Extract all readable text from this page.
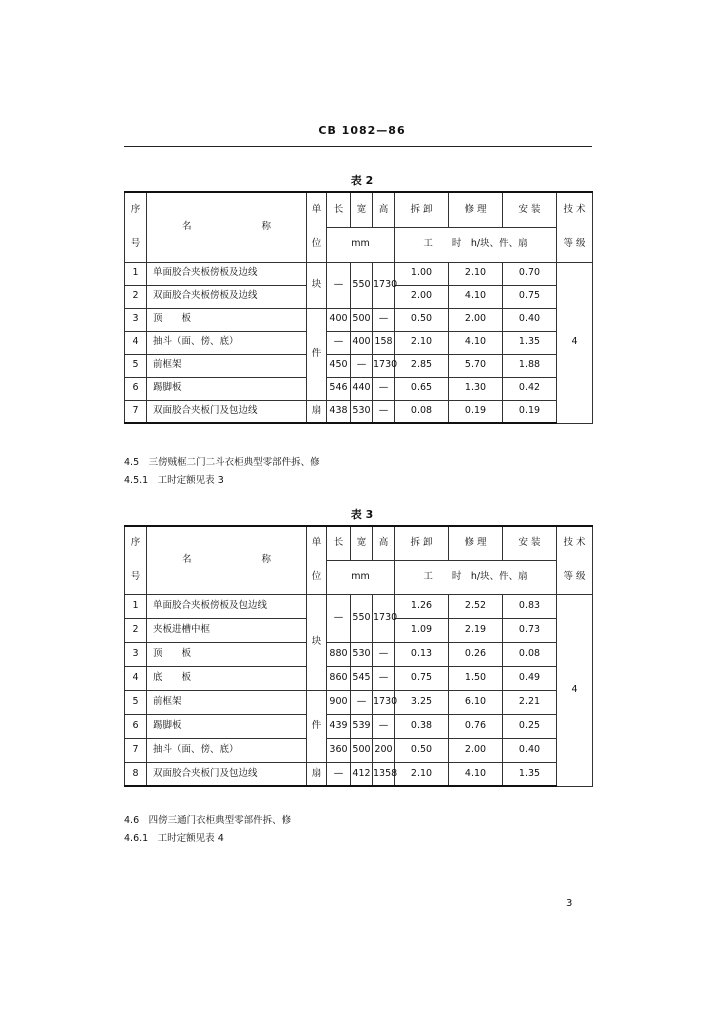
CB 1082—86
表 2
序	名 称	单	长	宽	高	拆 卸	修 理	安 装	技 术
号		位	mm			工　　时　h/块、件、扇			等 级
1	单面胶合夹板傍板及边线	块	—	550	1730	1.00	2.10	0.70	4
2	双面胶合夹板傍板及边线					2.00	4.10	0.75	
3	顶　　板	件	400	500	—	0.50	2.00	0.40	
4	抽斗（面、傍、底）		—	400	158	2.10	4.10	1.35	
5	前框架		450	—	1730	2.85	5.70	1.88	
6	踢脚板		546	440	—	0.65	1.30	0.42	
7	双面胶合夹板门及包边线	扇	438	530	—	0.08	0.19	0.19	
4.5　三傍贼框二门二斗衣柜典型零部件拆、修
4.5.1　工时定额见表 3
表 3
序	名 称	单	长	宽	高	拆 卸	修 理	安 装	技 术
号		位	mm			工　　时　h/块、件、扇			等 级
1	单面胶合夹板傍板及包边线	块	—	550	1730	1.26	2.52	0.83	4
2	夹板进槽中框					1.09	2.19	0.73	
3	顶　　板		880	530	—	0.13	0.26	0.08	
4	底　　板		860	545	—	0.75	1.50	0.49	
5	前框架	件	900	—	1730	3.25	6.10	2.21	
6	踢脚板		439	539	—	0.38	0.76	0.25	
7	抽斗（面、傍、底）		360	500	200	0.50	2.00	0.40	
8	双面胶合夹板门及包边线	扇	—	412	1358	2.10	4.10	1.35	
4.6　四傍三通门衣柜典型零部件拆、修
4.6.1　工时定额见表 4
3
